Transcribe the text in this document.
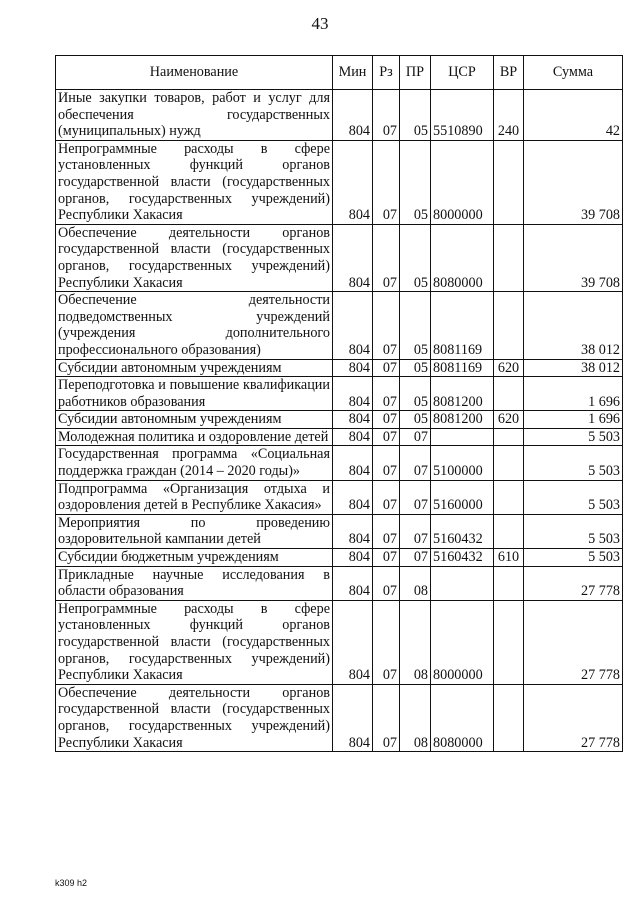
43
Наименование	Мин	Рз	ПР	ЦСР	ВР	Сумма
Иные закупки товаров, работ и услуг для обеспечения государственных (муниципальных) нужд	804	07	05	5510890	240	42
Непрограммные расходы в сфере установленных функций органов государственной власти (государственных органов, государственных учреждений) Республики Хакасия	804	07	05	8000000		39 708
Обеспечение деятельности органов государственной власти (государственных органов, государственных учреждений) Республики Хакасия	804	07	05	8080000		39 708
Обеспечение деятельности подведомственных учреждений (учреждения дополнительного профессионального образования)	804	07	05	8081169		38 012
Субсидии автономным учреждениям	804	07	05	8081169	620	38 012
Переподготовка и повышение квалификации работников образования	804	07	05	8081200		1 696
Субсидии автономным учреждениям	804	07	05	8081200	620	1 696
Молодежная политика и оздоровление детей	804	07	07			5 503
Государственная программа «Социальная поддержка граждан (2014 – 2020 годы)»	804	07	07	5100000		5 503
Подпрограмма «Организация отдыха и оздоровления детей в Республике Хакасия»	804	07	07	5160000		5 503
Мероприятия по проведению оздоровительной кампании детей	804	07	07	5160432		5 503
Субсидии бюджетным учреждениям	804	07	07	5160432	610	5 503
Прикладные научные исследования в области образования	804	07	08			27 778
Непрограммные расходы в сфере установленных функций органов государственной власти (государственных органов, государственных учреждений) Республики Хакасия	804	07	08	8000000		27 778
Обеспечение деятельности органов государственной власти (государственных органов, государственных учреждений) Республики Хакасия	804	07	08	8080000		27 778
k309 h2
